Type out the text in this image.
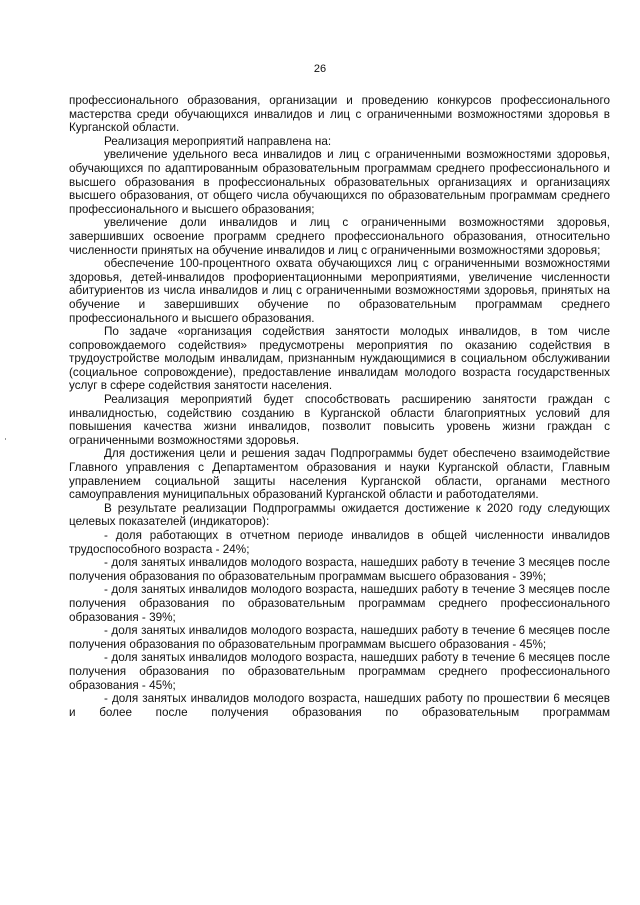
26

профессионального образования, организации и проведению конкурсов профессионального мастерства среди обучающихся инвалидов и лиц с ограниченными возможностями здоровья в Курганской области.

Реализация мероприятий направлена на:

увеличение удельного веса инвалидов и лиц с ограниченными возможностями здоровья, обучающихся по адаптированным образовательным программам среднего профессионального и высшего образования в профессиональных образовательных организациях и организациях высшего образования, от общего числа обучающихся по образовательным программам среднего профессионального и высшего образования;

увеличение доли инвалидов и лиц с ограниченными возможностями здоровья, завершивших освоение программ среднего профессионального образования, относительно численности принятых на обучение инвалидов и лиц с ограниченными возможностями здоровья;

обеспечение 100-процентного охвата обучающихся лиц с ограниченными возможностями здоровья, детей-инвалидов профориентационными мероприятиями, увеличение численности абитуриентов из числа инвалидов и лиц с ограниченными возможностями здоровья, принятых на обучение и завершивших обучение по образовательным программам среднего профессионального и высшего образования.

По задаче «организация содействия занятости молодых инвалидов, в том числе сопровождаемого содействия» предусмотрены мероприятия по оказанию содействия в трудоустройстве молодым инвалидам, признанным нуждающимися в социальном обслуживании (социальное сопровождение), предоставление инвалидам молодого возраста государственных услуг в сфере содействия занятости населения.

Реализация мероприятий будет способствовать расширению занятости граждан с инвалидностью, содействию созданию в Курганской области благоприятных условий для повышения качества жизни инвалидов, позволит повысить уровень жизни граждан с ограниченными возможностями здоровья.

Для достижения цели и решения задач Подпрограммы будет обеспечено взаимодействие Главного управления с Департаментом образования и науки Курганской области, Главным управлением социальной защиты населения Курганской области, органами местного самоуправления муниципальных образований Курганской области и работодателями.

В результате реализации Подпрограммы ожидается достижение к 2020 году следующих целевых показателей (индикаторов):

- доля работающих в отчетном периоде инвалидов в общей численности инвалидов трудоспособного возраста - 24%;

- доля занятых инвалидов молодого возраста, нашедших работу в течение 3 месяцев после получения образования по образовательным программам высшего образования - 39%;

- доля занятых инвалидов молодого возраста, нашедших работу в течение 3 месяцев после получения образования по образовательным программам среднего профессионального образования - 39%;

- доля занятых инвалидов молодого возраста, нашедших работу в течение 6 месяцев после получения образования по образовательным программам высшего образования - 45%;

- доля занятых инвалидов молодого возраста, нашедших работу в течение 6 месяцев после получения образования по образовательным программам среднего профессионального образования - 45%;

- доля занятых инвалидов молодого возраста, нашедших работу по прошествии 6 месяцев и более после получения образования по образовательным программам
